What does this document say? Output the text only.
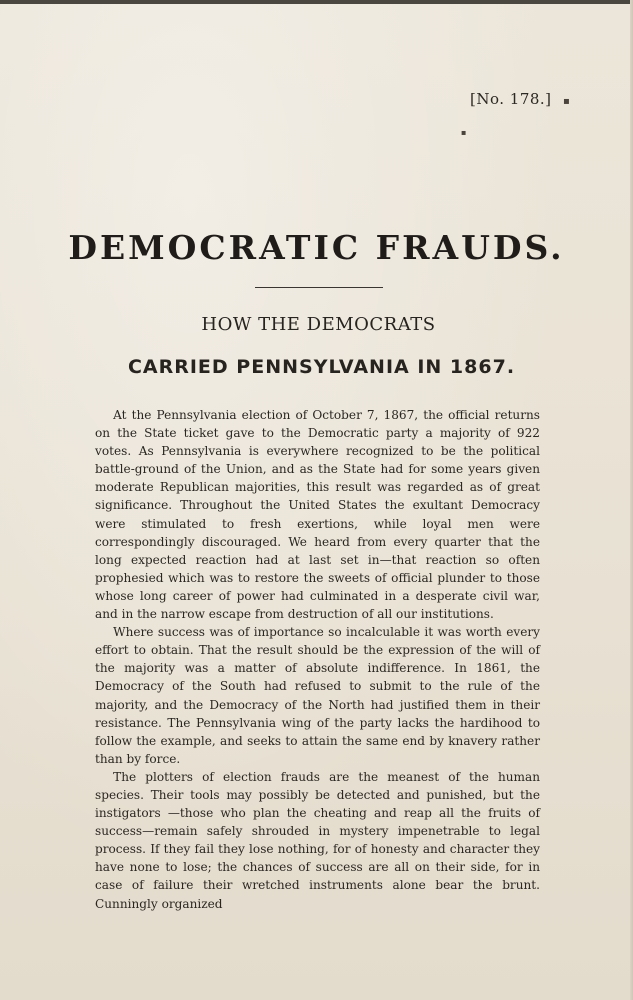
[No. 178.]
DEMOCRATIC FRAUDS.
HOW THE DEMOCRATS
CARRIED PENNSYLVANIA IN 1867.

At the Pennsylvania election of October 7, 1867, the official returns on the State ticket gave to the Democratic party a majority of 922 votes. As Pennsylvania is everywhere recognized to be the political battle-ground of the Union, and as the State had for some years given moderate Republican majorities, this result was regarded as of great significance. Throughout the United States the exultant Democracy were stimulated to fresh exertions, while loyal men were correspondingly discouraged. We heard from every quarter that the long expected reaction had at last set in—that reaction so often prophesied which was to restore the sweets of official plunder to those whose long career of power had culminated in a desperate civil war, and in the narrow escape from destruction of all our institutions.

Where success was of importance so incalculable it was worth every effort to obtain. That the result should be the expression of the will of the majority was a matter of absolute indifference. In 1861, the Democracy of the South had refused to submit to the rule of the majority, and the Democracy of the North had justified them in their resistance. The Pennsylvania wing of the party lacks the hardihood to follow the example, and seeks to attain the same end by knavery rather than by force.

The plotters of election frauds are the meanest of the human species. Their tools may possibly be detected and punished, but the instigators —those who plan the cheating and reap all the fruits of success—remain safely shrouded in mystery impenetrable to legal process. If they fail they lose nothing, for of honesty and character they have none to lose; the chances of success are all on their side, for in case of failure their wretched instruments alone bear the brunt. Cunningly organized

▪
▪
